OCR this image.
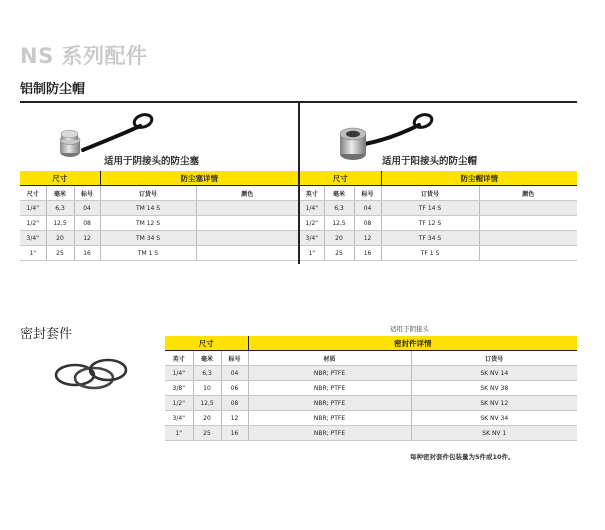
NS 系列配件
铝制防尘帽
适用于阴接头的防尘塞	适用于阳接头的防尘帽
尺寸			防尘塞详情	
尺寸	毫米	标号	订货号	颜色
1/4"	6,3	04	TM 14 S	
1/2"	12,5	08	TM 12 S	
3/4"	20	12	TM 34 S	
1"	25	16	TM 1 S	
尺寸			防尘帽详情	
英寸	毫米	标号	订货号	颜色
1/4"	6,3	04	TF 14 S	
1/2"	12,5	08	TF 12 S	
3/4"	20	12	TF 34 S	
1"	25	16	TF 1 S	
密封套件	适用于阴接头
尺寸			密封件详情	
英寸	毫米	标号	材质	订货号
1/4"	6,3	04	NBR; PTFE	SK NV 14
3/8"	10	06	NBR; PTFE	SK NV 38
1/2"	12,5	08	NBR; PTFE	SK NV 12
3/4"	20	12	NBR; PTFE	SK NV 34
1"	25	16	NBR; PTFE	SK NV 1
每种密封套件包装量为5件或10件。
